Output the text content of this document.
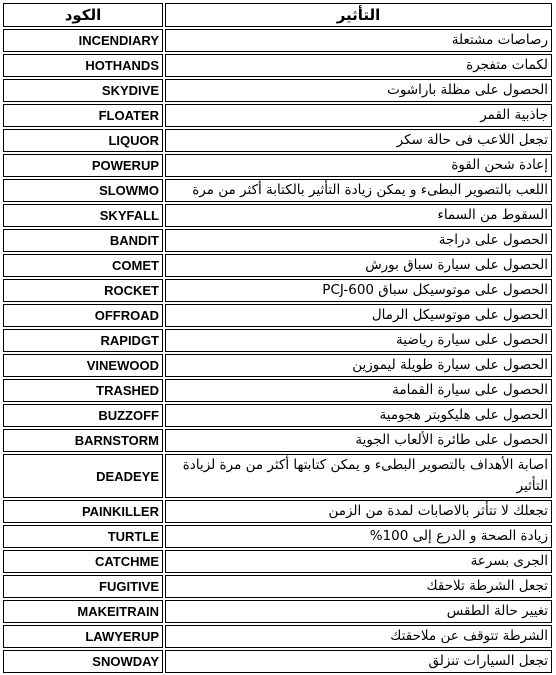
الكود	التأثير
INCENDIARY	رصاصات مشتعلة
HOTHANDS	لكمات متفجرة
SKYDIVE	الحصول على مظلة باراشوت
FLOATER	جاذبية القمر
LIQUOR	تجعل اللاعب فى حالة سكر
POWERUP	إعادة شحن القوة
SLOWMO	اللعب بالتصوير البطىء و يمكن زيادة التأثير بالكتابة أكثر من مرة
SKYFALL	السقوط من السماء
BANDIT	الحصول على دراجة
COMET	الحصول على سيارة سباق بورش
ROCKET	الحصول على موتوسيكل سباق PCJ-600
OFFROAD	الحصول على موتوسيكل الرمال
RAPIDGT	الحصول على سيارة رياضية
VINEWOOD	الحصول على سيارة طويلة ليموزين
TRASHED	الحصول على سيارة القمامة
BUZZOFF	الحصول على هليكوبتر هجومية
BARNSTORM	الحصول على طائرة الألعاب الجوية
DEADEYE	اصابة الأهداف بالتصوير البطىء و يمكن كتابتها أكثر من مرة لزيادة التأثير
PAINKILLER	تجعلك لا تتأثر بالاصابات لمدة من الزمن
TURTLE	زيادة الصحة و الدرع إلى 100%
CATCHME	الجرى بسرعة
FUGITIVE	تجعل الشرطة تلاحقك
MAKEITRAIN	تغيير حالة الطقس
LAWYERUP	الشرطة تتوقف عن ملاحقتك
SNOWDAY	تجعل السيارات تنزلق
